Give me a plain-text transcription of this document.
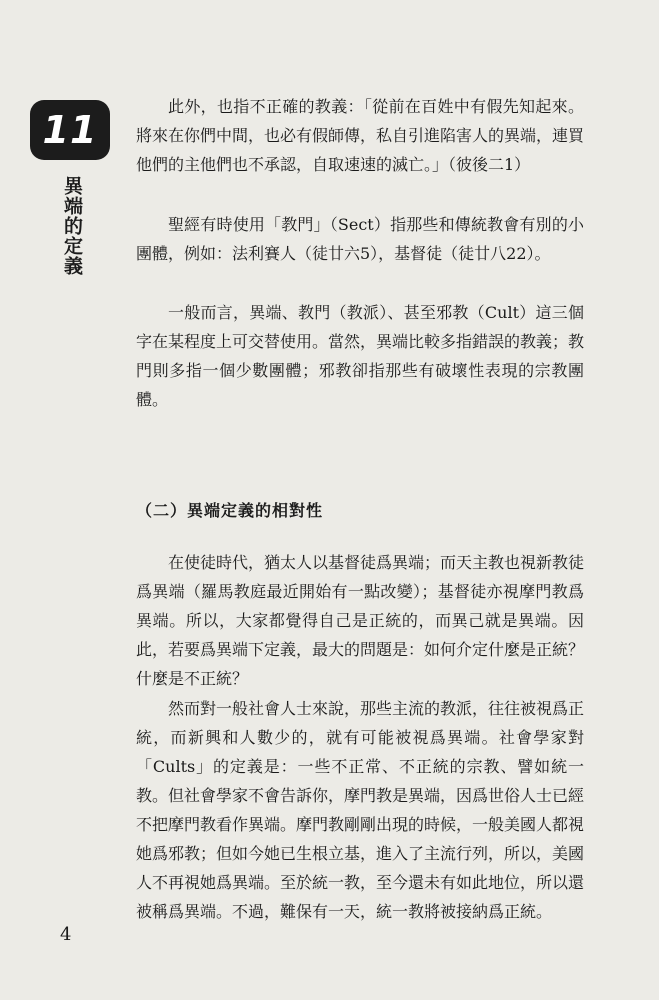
11
異端的定義

此外，也指不正確的教義：「從前在百姓中有假先知起來。將來在你們中間，也必有假師傳，私自引進陷害人的異端，連買他們的主他們也不承認，自取速速的滅亡。」（彼後二1）

聖經有時使用「教門」（Sect）指那些和傳統教會有別的小團體，例如：法利賽人（徒廿六5），基督徒（徒廿八22）。

一般而言，異端、教門（教派）、甚至邪教（Cult）這三個字在某程度上可交替使用。當然，異端比較多指錯誤的教義；教門則多指一個少數團體；邪教卻指那些有破壞性表現的宗教團體。

（二）異端定義的相對性

在使徒時代，猶太人以基督徒爲異端；而天主教也視新教徒爲異端（羅馬教庭最近開始有一點改變）；基督徒亦視摩門教爲異端。所以，大家都覺得自己是正統的，而異己就是異端。因此，若要爲異端下定義，最大的問題是：如何介定什麼是正統？什麼是不正統？

然而對一般社會人士來說，那些主流的教派，往往被視爲正統，而新興和人數少的，就有可能被視爲異端。社會學家對「Cults」的定義是：一些不正常、不正統的宗教、譬如統一教。但社會學家不會告訴你，摩門教是異端，因爲世俗人士已經不把摩門教看作異端。摩門教剛剛出現的時候，一般美國人都視她爲邪教；但如今她已生根立基，進入了主流行列，所以，美國人不再視她爲異端。至於統一教，至今還未有如此地位，所以還被稱爲異端。不過，難保有一天，統一教將被接納爲正統。

4
